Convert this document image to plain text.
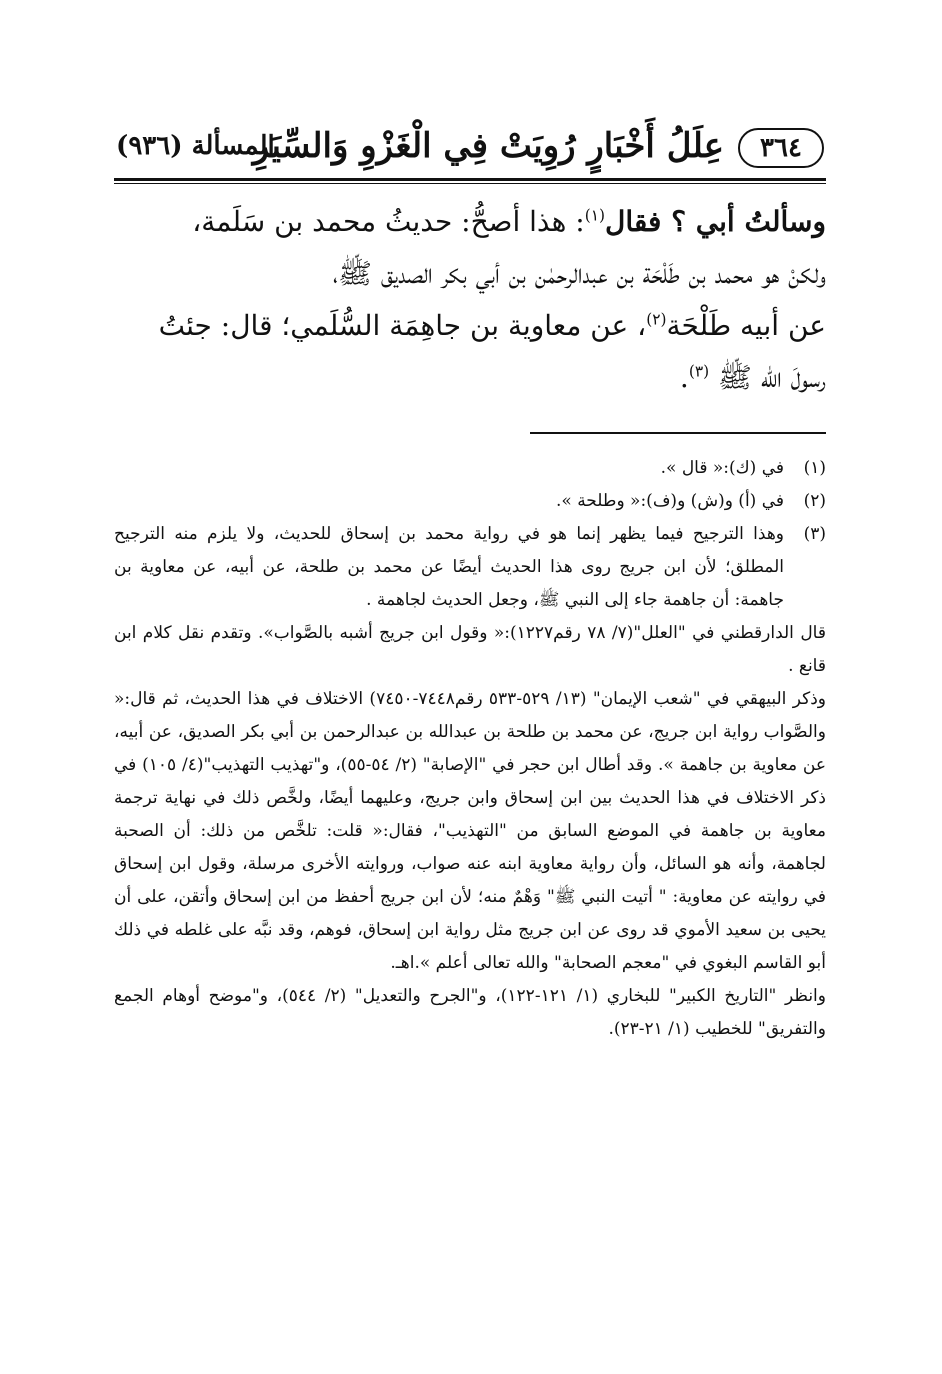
٣٦٤
عِلَلُ أَخْبَارٍ رُوِيَتْ فِي الْغَزْوِ وَالسِّيَرِ
المسألة (٩٣٦)

وسألتُ أبي ؟ فقال$^{(١)}$: هذا أصحُّ: حديثُ محمد بن سَلَمة،

ولكنْ هو محمد بن طَلْحَة بن عبدالرحمٰن بن أبي بكر الصديق ﷺ،

عن أبيه طَلْحَة$^{(٢)}$، عن معاوية بن جاهِمَة السُّلَمي؛ قال: جئتُ

رسولَ الله ﷺ $^{(٣)}$.

(١)
في (ك):« قال ».
(٢)
في (أ) و(ش) و(ف):« وطلحة ».
(٣)
وهذا الترجيح فيما يظهر إنما هو في رواية محمد بن إسحاق للحديث، ولا يلزم منه الترجيح المطلق؛ لأن ابن جريج روى هذا الحديث أيضًا عن محمد بن طلحة، عن أبيه، عن معاوية بن جاهمة: أن جاهمة جاء إلى النبي ﷺ، وجعل الحديث لجاهمة .

قال الدارقطني في "العلل"(٧/ ٧٨ رقم١٢٢٧):« وقول ابن جريج أشبه بالصَّواب». وتقدم نقل كلام ابن قانع .

وذكر البيهقي في "شعب الإيمان" (١٣/ ٥٢٩-٥٣٣ رقم٧٤٤٨-٧٤٥٠) الاختلاف في هذا الحديث، ثم قال:« والصَّواب رواية ابن جريج، عن محمد بن طلحة بن عبدالله بن عبدالرحمن بن أبي بكر الصديق، عن أبيه، عن معاوية بن جاهمة ». وقد أطال ابن حجر في "الإصابة" (٢/ ٥٤-٥٥)، و"تهذيب التهذيب"(٤/ ١٠٥) في ذكر الاختلاف في هذا الحديث بين ابن إسحاق وابن جريج، وعليهما أيضًا، ولخَّص ذلك في نهاية ترجمة معاوية بن جاهمة في الموضع السابق من "التهذيب"، فقال:« قلت: تلخَّص من ذلك: أن الصحبة لجاهمة، وأنه هو السائل، وأن رواية معاوية ابنه عنه صواب، وروايته الأخرى مرسلة، وقول ابن إسحاق في روايته عن معاوية: " أتيت النبي ﷺ" وَهْمٌ منه؛ لأن ابن جريج أحفظ من ابن إسحاق وأتقن، على أن يحيى بن سعيد الأموي قد روى عن ابن جريج مثل رواية ابن إسحاق، فوهم، وقد نبَّه على غلطه في ذلك أبو القاسم البغوي في "معجم الصحابة" والله تعالى أعلم ».اهـ.

وانظر "التاريخ الكبير" للبخاري (١/ ١٢١-١٢٢)، و"الجرح والتعديل" (٢/ ٥٤٤)، و"موضح أوهام الجمع والتفريق" للخطيب (١/ ٢١-٢٣).
